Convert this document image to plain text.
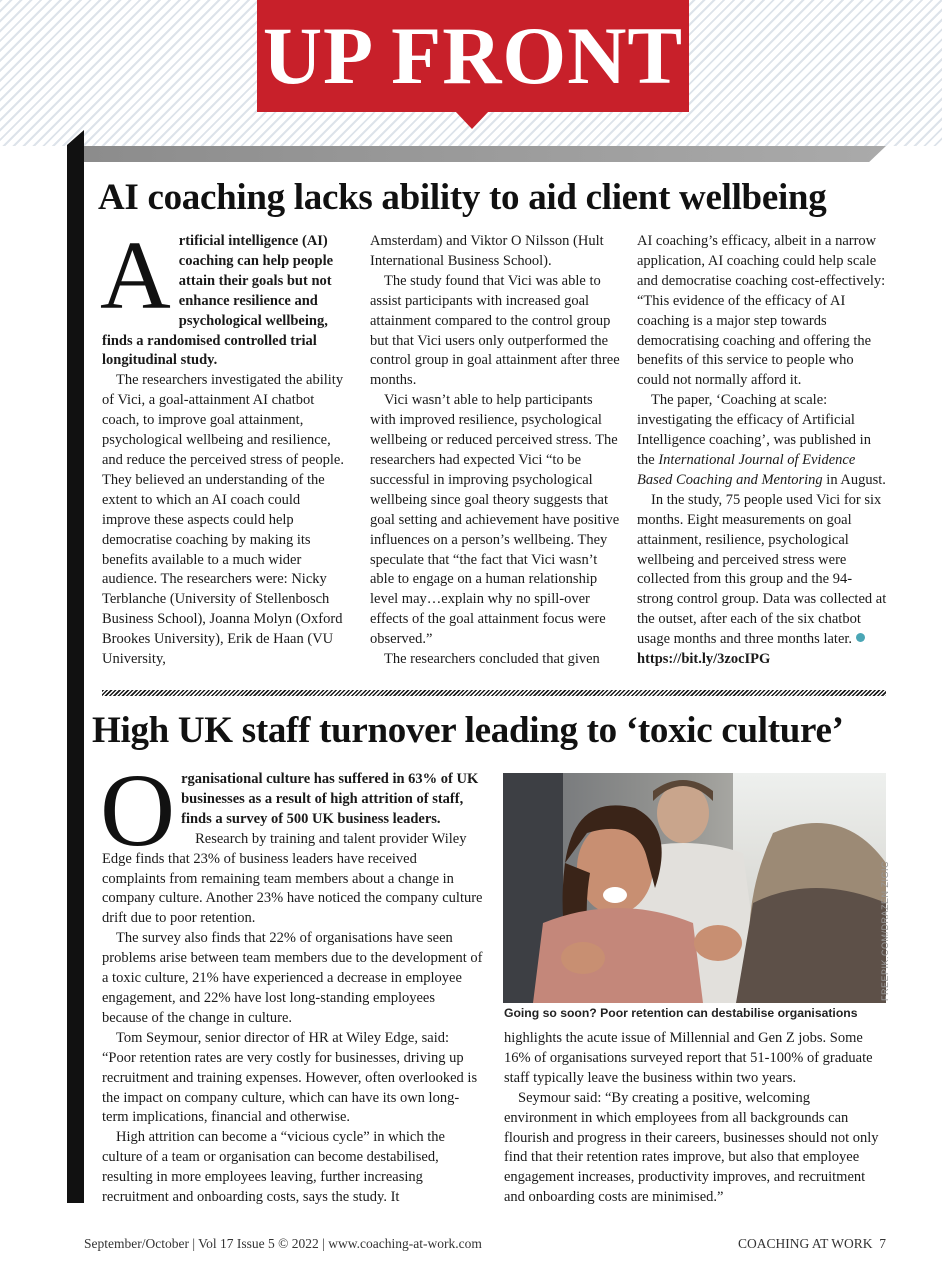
UP FRONT
AI coaching lacks ability to aid client wellbeing

Artificial intelligence (AI) coaching can help people attain their goals but not enhance resilience and psychological wellbeing, finds a randomised controlled trial longitudinal study.

The researchers investigated the ability of Vici, a goal-attainment AI chatbot coach, to improve goal attainment, psychological wellbeing and resilience, and reduce the perceived stress of people. They believed an understanding of the extent to which an AI coach could improve these aspects could help democratise coaching by making its benefits available to a much wider audience. The researchers were: Nicky Terblanche (University of Stellenbosch Business School), Joanna Molyn (Oxford Brookes University), Erik de Haan (VU University,

Amsterdam) and Viktor O Nilsson (Hult International Business School).

The study found that Vici was able to assist participants with increased goal attainment compared to the control group but that Vici users only outperformed the control group in goal attainment after three months.

Vici wasn’t able to help participants with improved resilience, psychological wellbeing or reduced perceived stress. The researchers had expected Vici “to be successful in improving psychological wellbeing since goal theory suggests that goal setting and achievement have positive influences on a person’s wellbeing. They speculate that “the fact that Vici wasn’t able to engage on a human relationship level may…explain why no spill-over effects of the goal attainment focus were observed.”

The researchers concluded that given

AI coaching’s efficacy, albeit in a narrow application, AI coaching could help scale and democratise coaching cost-effectively: “This evidence of the efficacy of AI coaching is a major step towards democratising coaching and offering the benefits of this service to people who could not normally afford it.

The paper, ‘Coaching at scale: investigating the efficacy of Artificial Intelligence coaching’, was published in the International Journal of Evidence Based Coaching and Mentoring in August.

In the study, 75 people used Vici for six months. Eight measurements on goal attainment, resilience, psychological wellbeing and perceived stress were collected from this group and the 94-strong control group. Data was collected at the outset, after each of the six chatbot usage months and three months later. https://bit.ly/3zocIPG

High UK staff turnover leading to ‘toxic culture’

Organisational culture has suffered in 63% of UK businesses as a result of high attrition of staff, finds a survey of 500 UK business leaders.
Research by training and talent provider Wiley Edge finds that 23% of business leaders have received complaints from remaining team members about a change in company culture. Another 23% have noticed the company culture drift due to poor retention.

The survey also finds that 22% of organisations have seen problems arise between team members due to the development of a toxic culture, 21% have experienced a decrease in employee engagement, and 22% have lost long-standing employees because of the change in culture.

Tom Seymour, senior director of HR at Wiley Edge, said: “Poor retention rates are very costly for businesses, driving up recruitment and training expenses. However, often overlooked is the impact on company culture, which can have its own long-term implications, financial and otherwise.

High attrition can become a “vicious cycle” in which the culture of a team or organisation can become destabilised, resulting in more employees leaving, further increasing recruitment and onboarding costs, says the study. It

FREEPIK.COM/DRAZEN ZIGIC
Going so soon? Poor retention can destabilise organisations

highlights the acute issue of Millennial and Gen Z jobs. Some 16% of organisations surveyed report that 51-100% of graduate staff typically leave the business within two years.

Seymour said: “By creating a positive, welcoming environment in which employees from all backgrounds can flourish and progress in their careers, businesses should not only find that their retention rates improve, but also that employee engagement increases, productivity improves, and recruitment and onboarding costs are minimised.”

September/October | Vol 17 Issue 5 © 2022 | www.coaching-at-work.com	COACHING AT WORK 7
